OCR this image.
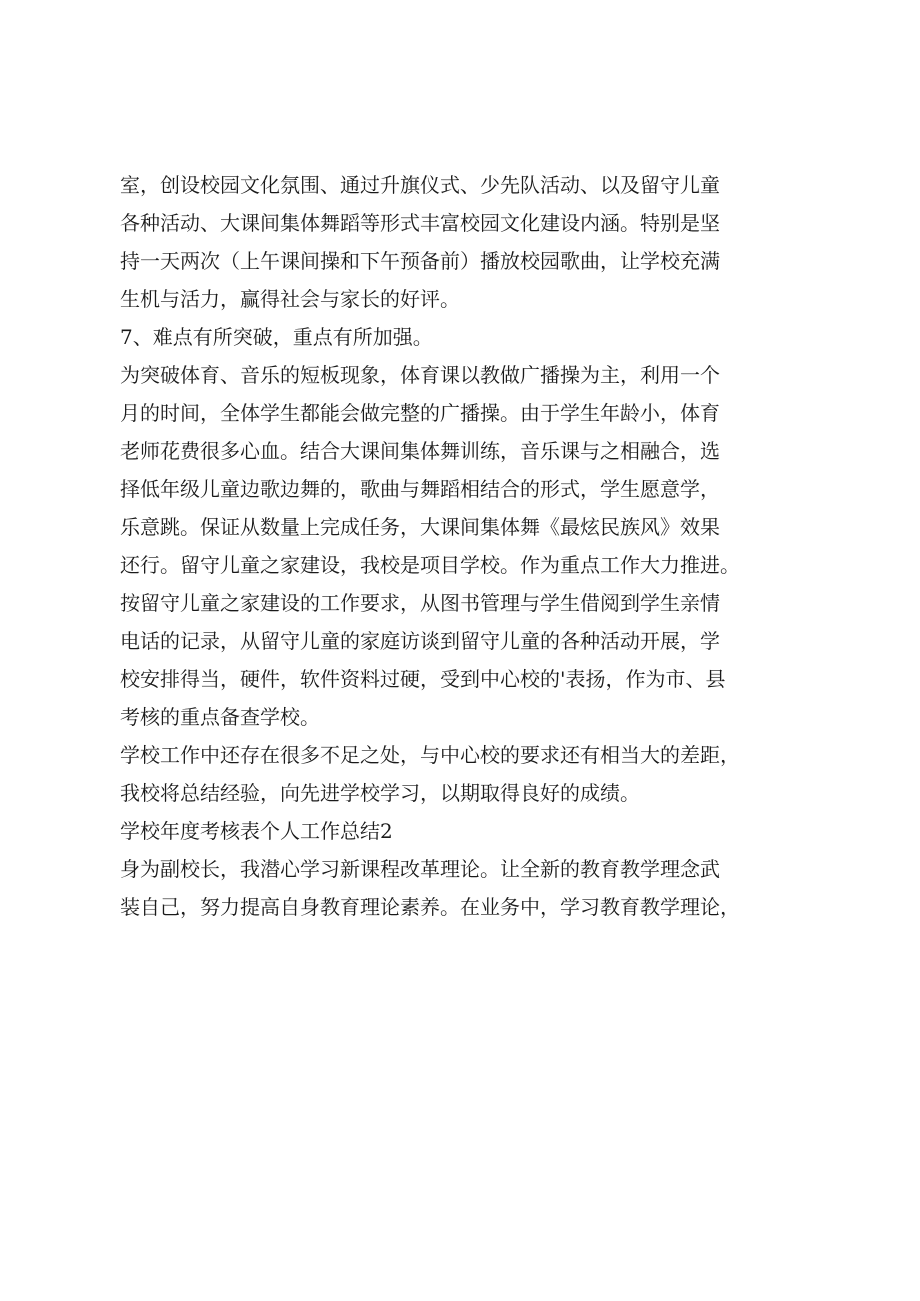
室，创设校园文化氛围、通过升旗仪式、少先队活动、以及留守儿童
各种活动、大课间集体舞蹈等形式丰富校园文化建设内涵。特别是坚
持一天两次（上午课间操和下午预备前）播放校园歌曲，让学校充满
生机与活力，赢得社会与家长的好评。
7、难点有所突破，重点有所加强。
为突破体育、音乐的短板现象，体育课以教做广播操为主，利用一个
月的时间，全体学生都能会做完整的广播操。由于学生年龄小，体育
老师花费很多心血。结合大课间集体舞训练，音乐课与之相融合，选
择低年级儿童边歌边舞的，歌曲与舞蹈相结合的形式，学生愿意学，
乐意跳。保证从数量上完成任务，大课间集体舞《最炫民族风》效果
还行。留守儿童之家建设，我校是项目学校。作为重点工作大力推进。
按留守儿童之家建设的工作要求，从图书管理与学生借阅到学生亲情
电话的记录，从留守儿童的家庭访谈到留守儿童的各种活动开展，学
校安排得当，硬件，软件资料过硬，受到中心校的'表扬，作为市、县
考核的重点备查学校。
学校工作中还存在很多不足之处，与中心校的要求还有相当大的差距，
我校将总结经验，向先进学校学习，以期取得良好的成绩。
学校年度考核表个人工作总结2
身为副校长，我潜心学习新课程改革理论。让全新的教育教学理念武
装自己，努力提高自身教育理论素养。在业务中，学习教育教学理论，
